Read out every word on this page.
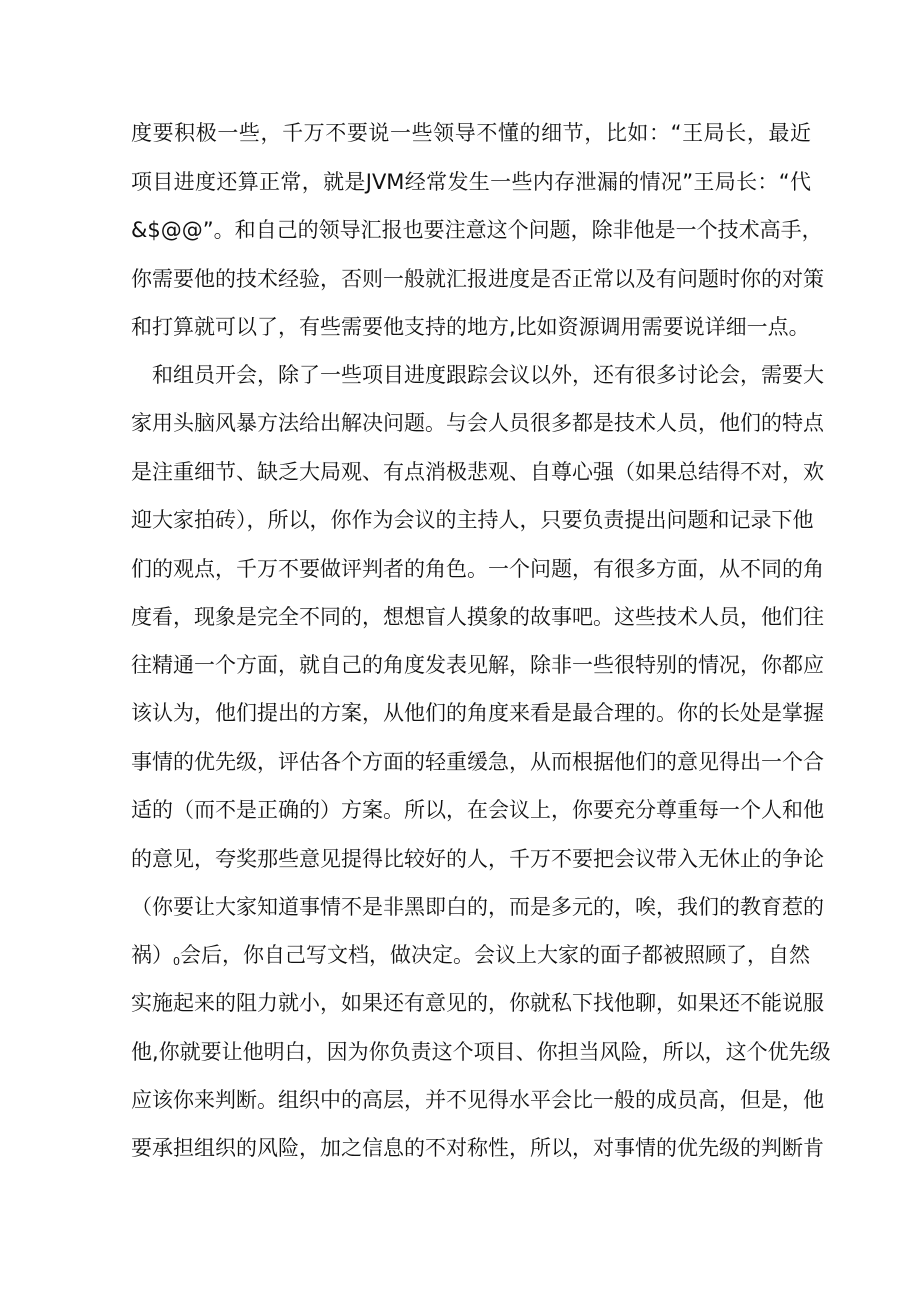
度要积极一些，千万不要说一些领导不懂的细节，比如：“王局长，最近
项目进度还算正常，就是JVM经常发生一些内存泄漏的情况”王局长：“代
&$@@”。和自己的领导汇报也要注意这个问题，除非他是一个技术高手，
你需要他的技术经验，否则一般就汇报进度是否正常以及有问题时你的对策
和打算就可以了，有些需要他支持的地方,比如资源调用需要说详细一点。
和组员开会，除了一些项目进度跟踪会议以外，还有很多讨论会，需要大
家用头脑风暴方法给出解决问题。与会人员很多都是技术人员，他们的特点
是注重细节、缺乏大局观、有点消极悲观、自尊心强（如果总结得不对，欢
迎大家拍砖），所以，你作为会议的主持人，只要负责提出问题和记录下他
们的观点，千万不要做评判者的角色。一个问题，有很多方面，从不同的角
度看，现象是完全不同的，想想盲人摸象的故事吧。这些技术人员，他们往
往精通一个方面，就自己的角度发表见解，除非一些很特别的情况，你都应
该认为，他们提出的方案，从他们的角度来看是最合理的。你的长处是掌握
事情的优先级，评估各个方面的轻重缓急，从而根据他们的意见得出一个合
适的（而不是正确的）方案。所以，在会议上，你要充分尊重每一个人和他
的意见，夸奖那些意见提得比较好的人，千万不要把会议带入无休止的争论
（你要让大家知道事情不是非黑即白的，而是多元的，唉，我们的教育惹的
祸）$_0$会后，你自己写文档，做决定。会议上大家的面子都被照顾了，自然
实施起来的阻力就小，如果还有意见的，你就私下找他聊，如果还不能说服
他,你就要让他明白，因为你负责这个项目、你担当风险，所以，这个优先级
应该你来判断。组织中的高层，并不见得水平会比一般的成员高，但是，他
要承担组织的风险，加之信息的不对称性，所以，对事情的优先级的判断肯
